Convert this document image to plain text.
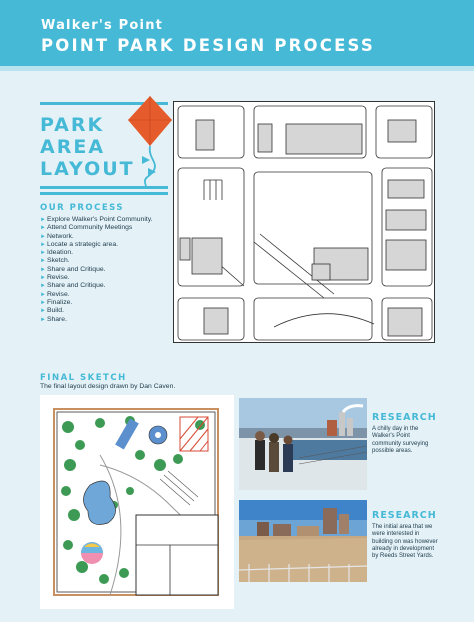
Walker's Point
POINT PARK DESIGN PROCESS
PARK
AREA
LAYOUT
OUR PROCESS
►Explore Walker's Point Community.
►Attend Community Meetings
►Network.
►Locate a strategic area.
►Ideation.
►Sketch.
►Share and Critique.
►Revise.
►Share and Critique.
►Revise.
►Finalize.
►Build.
►Share.
FINAL SKETCH
The final layout design drawn by Dan Caven.
RESEARCH
A chilly day in the Walker's Point community surveying possible areas.
RESEARCH
The initial area that we were interested in building on was however already in development by Reeds Street Yards.
